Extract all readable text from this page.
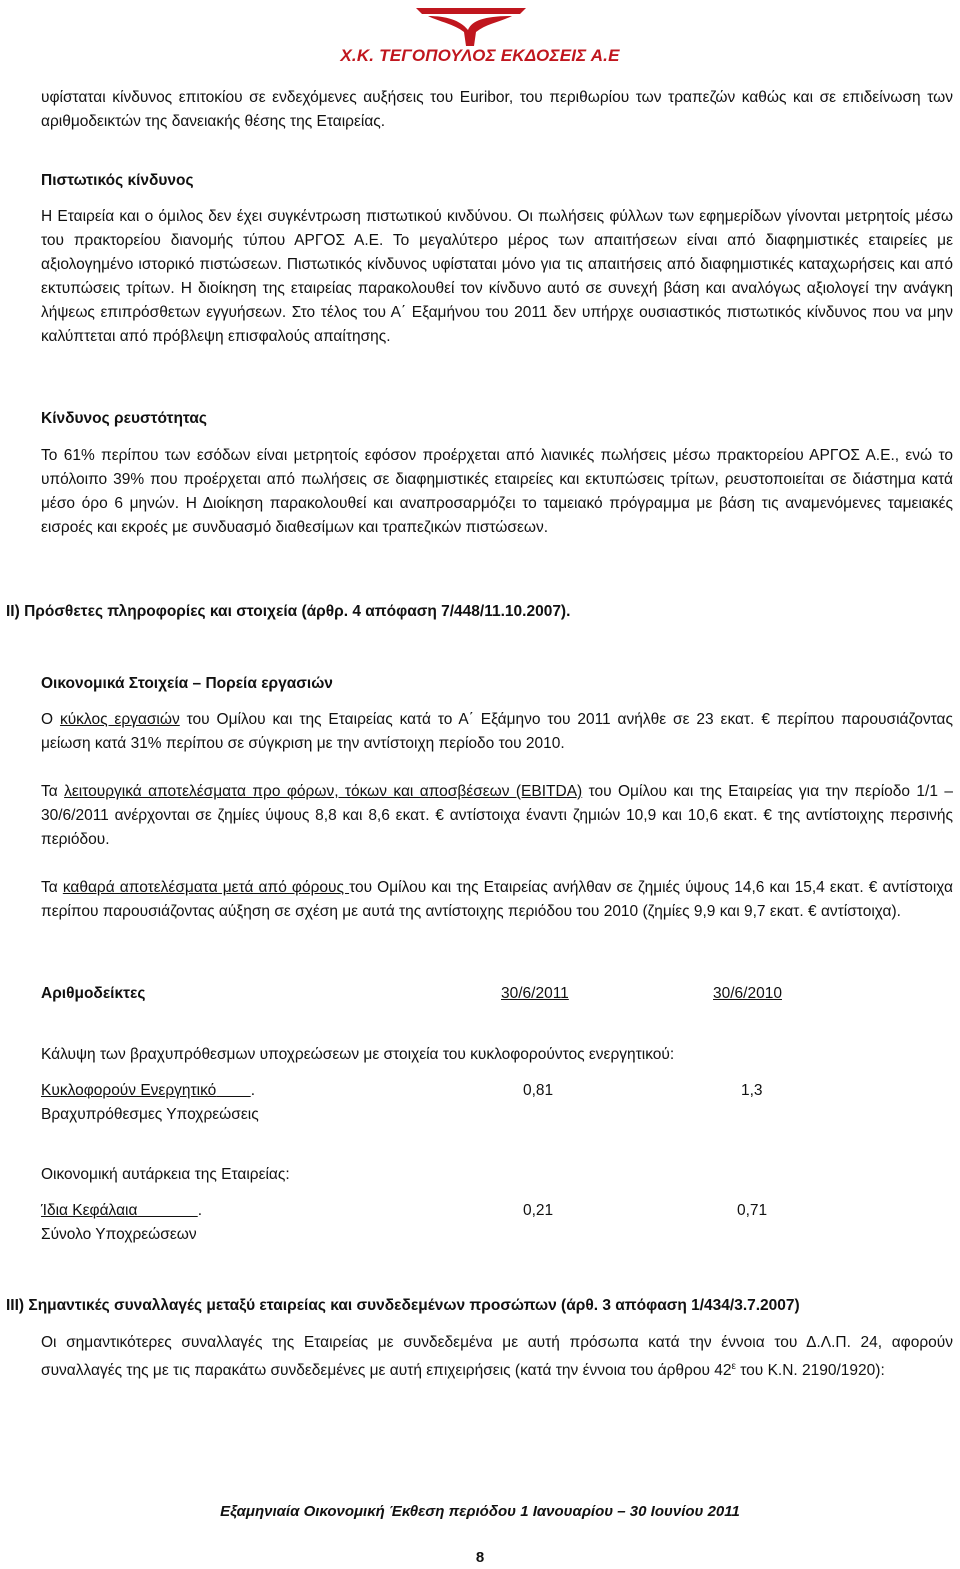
Χ.Κ. ΤΕΓΟΠΟΥΛΟΣ ΕΚΔΟΣΕΙΣ Α.Ε

υφίσταται κίνδυνος επιτοκίου σε ενδεχόμενες αυξήσεις του Euribor, του περιθωρίου των τραπεζών καθώς και σε επιδείνωση των αριθμοδεικτών της δανειακής θέσης της Εταιρείας.

Πιστωτικός κίνδυνος

Η Εταιρεία και ο όμιλος δεν έχει συγκέντρωση πιστωτικού κινδύνου. Οι πωλήσεις φύλλων των εφημερίδων γίνονται μετρητοίς μέσω του πρακτορείου διανομής τύπου ΑΡΓΟΣ Α.Ε. Το μεγαλύτερο μέρος των απαιτήσεων είναι από διαφημιστικές εταιρείες με αξιολογημένο ιστορικό πιστώσεων. Πιστωτικός κίνδυνος υφίσταται μόνο για τις απαιτήσεις από διαφημιστικές καταχωρήσεις και από εκτυπώσεις τρίτων. Η διοίκηση της εταιρείας παρακολουθεί τον κίνδυνο αυτό σε συνεχή βάση και αναλόγως αξιολογεί την ανάγκη λήψεως επιπρόσθετων εγγυήσεων. Στο τέλος του Α΄ Εξαμήνου του 2011 δεν υπήρχε ουσιαστικός πιστωτικός κίνδυνος που να μην καλύπτεται από πρόβλεψη επισφαλούς απαίτησης.

Κίνδυνος ρευστότητας

Το 61% περίπου των εσόδων είναι μετρητοίς εφόσον προέρχεται από λιανικές πωλήσεις μέσω πρακτορείου ΑΡΓΟΣ Α.Ε., ενώ το υπόλοιπο 39% που προέρχεται από πωλήσεις σε διαφημιστικές εταιρείες και εκτυπώσεις τρίτων, ρευστοποιείται σε διάστημα κατά μέσο όρο 6 μηνών. Η Διοίκηση παρακολουθεί και αναπροσαρμόζει το ταμειακό πρόγραμμα με βάση τις αναμενόμενες ταμειακές εισροές και εκροές με συνδυασμό διαθεσίμων και τραπεζικών πιστώσεων.

ΙΙ) Πρόσθετες πληροφορίες και στοιχεία (άρθρ. 4 απόφαση 7/448/11.10.2007).
Οικονομικά Στοιχεία – Πορεία εργασιών

Ο κύκλος εργασιών του Ομίλου και της Εταιρείας κατά το Α΄ Εξάμηνο του 2011 ανήλθε σε 23 εκατ. € περίπου παρουσιάζοντας μείωση κατά 31% περίπου σε σύγκριση με την αντίστοιχη περίοδο του 2010.

Τα λειτουργικά αποτελέσματα προ φόρων, τόκων και αποσβέσεων (EBITDA) του Ομίλου και της Εταιρείας για την περίοδο 1/1 – 30/6/2011 ανέρχονται σε ζημίες ύψους 8,8 και 8,6 εκατ. € αντίστοιχα έναντι ζημιών 10,9 και 10,6 εκατ. € της αντίστοιχης περσινής περιόδου.

Τα καθαρά αποτελέσματα μετά από φόρους του Ομίλου και της Εταιρείας ανήλθαν σε ζημιές ύψους 14,6 και 15,4 εκατ. € αντίστοιχα περίπου παρουσιάζοντας αύξηση σε σχέση με αυτά της αντίστοιχης περιόδου του 2010 (ζημίες 9,9 και 9,7 εκατ. € αντίστοιχα).

Αριθμοδείκτες	30/6/2011	30/6/2010
Κάλυψη των βραχυπρόθεσμων υποχρεώσεων με στοιχεία του κυκλοφορούντος ενεργητικού:
Κυκλοφορούν Ενεργητικό .
Βραχυπρόθεσμες Υποχρεώσεις
0,81	1,3
Οικονομική αυτάρκεια της Εταιρείας:
Ίδια Κεφάλαια	.
Σύνολο Υποχρεώσεων
0,21	0,71
ΙΙΙ) Σημαντικές συναλλαγές μεταξύ εταιρείας και συνδεδεμένων προσώπων (άρθ. 3 απόφαση 1/434/3.7.2007)

Οι σημαντικότερες συναλλαγές της Εταιρείας με συνδεδεμένα με αυτή πρόσωπα κατά την έννοια του Δ.Λ.Π. 24, αφορούν συναλλαγές της με τις παρακάτω συνδεδεμένες με αυτή επιχειρήσεις (κατά την έννοια του άρθρου $42^\varepsilon$ του Κ.Ν. 2190/1920):

Εξαμηνιαία Οικονομική Έκθεση περιόδου 1 Ιανουαρίου – 30 Ιουνίου 2011
8
